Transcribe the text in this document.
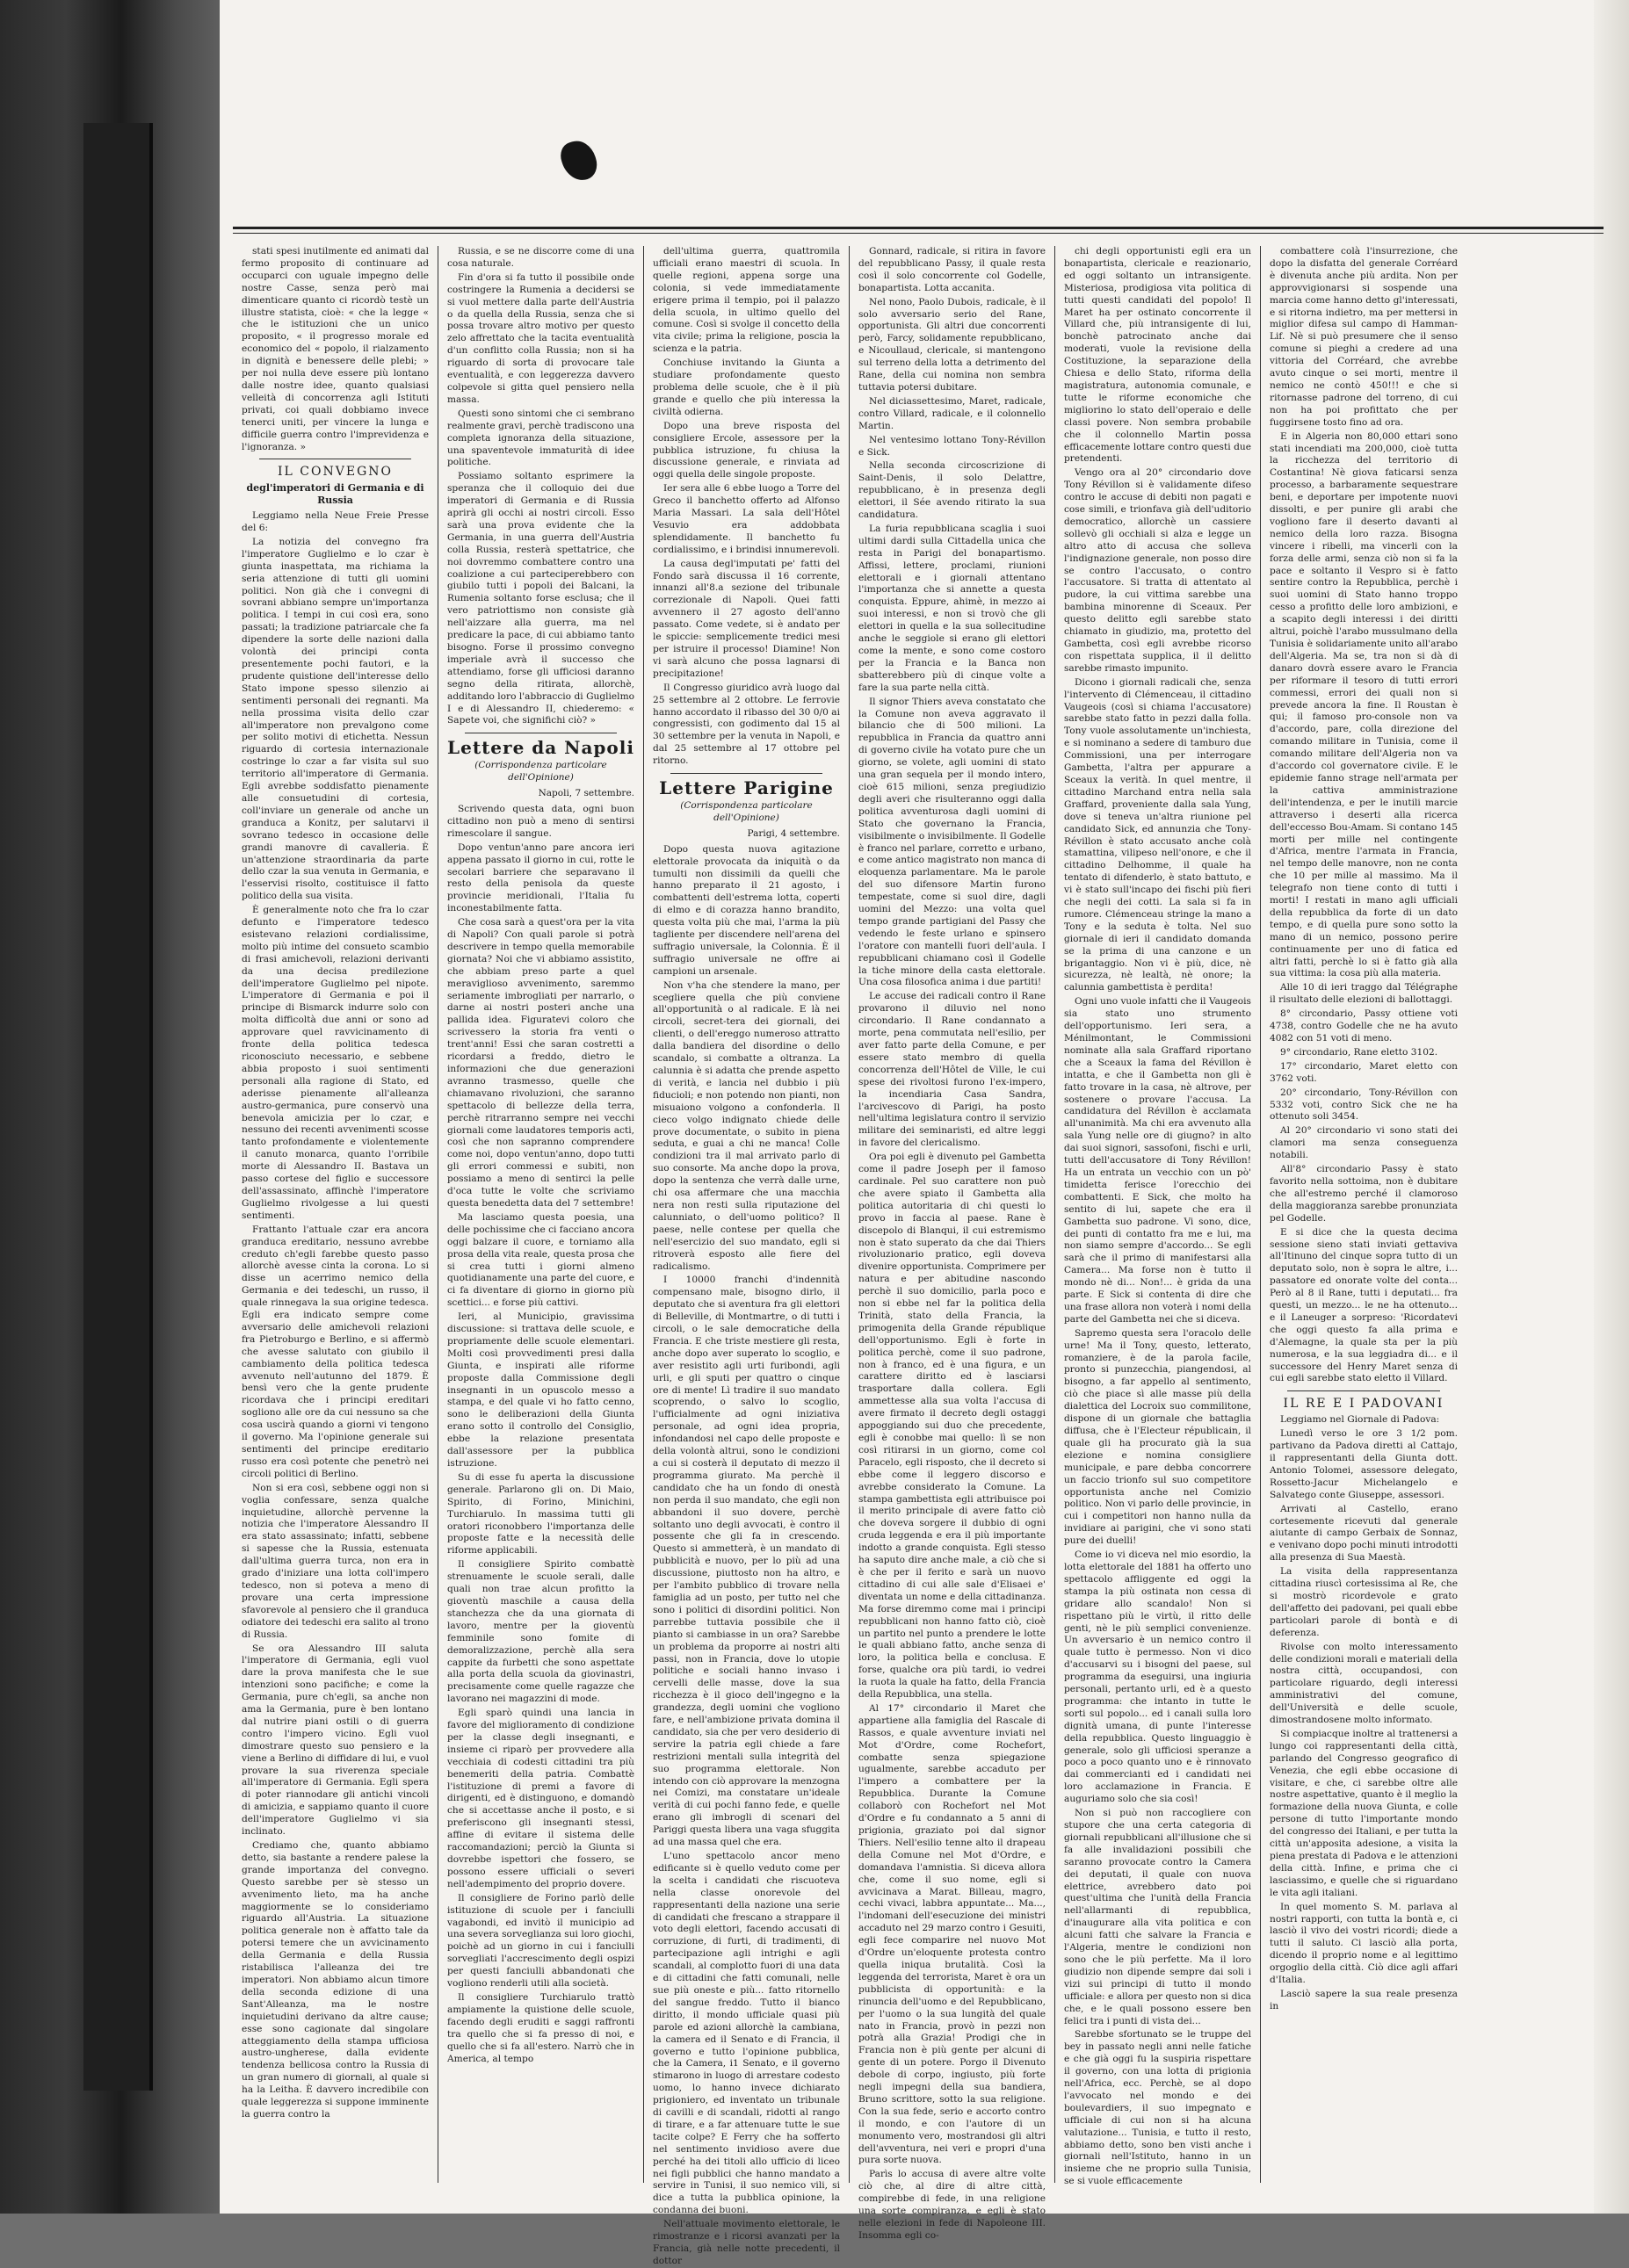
stati spesi inutilmente ed animati dal fermo proposito di continuare ad occuparci con uguale impegno delle nostre Casse, senza però mai dimenticare quanto ci ricordò testè un illustre statista, cioè: « che la legge « che le istituzioni che un unico proposito, « il progresso morale ed economico del « popolo, il rialzamento in dignità e benessere delle plebi; » per noi nulla deve essere più lontano dalle nostre idee, quanto qualsiasi velleità di concorrenza agli Istituti privati, coi quali dobbiamo invece tenerci uniti, per vincere la lunga e difficile guerra contro l'imprevidenza e l'ignoranza. »

IL CONVEGNO
degl'imperatori di Germania e di Russia

Leggiamo nella Neue Freie Presse del 6:

La notizia del convegno fra l'imperatore Guglielmo e lo czar è giunta inaspettata, ma richiama la seria attenzione di tutti gli uomini politici. Non già che i convegni di sovrani abbiano sempre un'importanza politica. I tempi in cui così era, sono passati; la tradizione patriarcale che fa dipendere la sorte delle nazioni dalla volontà dei principi conta presentemente pochi fautori, e la prudente quistione dell'interesse dello Stato impone spesso silenzio ai sentimenti personali dei regnanti. Ma nella prossima visita dello czar all'imperatore non prevalgono come per solito motivi di etichetta. Nessun riguardo di cortesia internazionale costringe lo czar a far visita sul suo territorio all'imperatore di Germania. Egli avrebbe soddisfatto pienamente alle consuetudini di cortesia, coll'inviare un generale od anche un granduca a Konitz, per salutarvi il sovrano tedesco in occasione delle grandi manovre di cavalleria. È un'attenzione straordinaria da parte dello czar la sua venuta in Germania, e l'esservisi risolto, costituisce il fatto politico della sua visita.

È generalmente noto che fra lo czar defunto e l'imperatore tedesco esistevano relazioni cordialissime, molto più intime del consueto scambio di frasi amichevoli, relazioni derivanti da una decisa predilezione dell'imperatore Guglielmo pel nipote. L'imperatore di Germania e poi il principe di Bismarck indurre solo con molta difficoltà due anni or sono ad approvare quel ravvicinamento di fronte della politica tedesca riconosciuto necessario, e sebbene abbia proposto i suoi sentimenti personali alla ragione di Stato, ed aderisse pienamente all'alleanza austro-germanica, pure conservò una benevola amicizia per lo czar, e nessuno dei recenti avvenimenti scosse tanto profondamente e violentemente il canuto monarca, quanto l'orribile morte di Alessandro II. Bastava un passo cortese del figlio e successore dell'assassinato, affinchè l'imperatore Guglielmo rivolgesse a lui questi sentimenti.

Frattanto l'attuale czar era ancora granduca ereditario, nessuno avrebbe creduto ch'egli farebbe questo passo allorchè avesse cinta la corona. Lo si disse un acerrimo nemico della Germania e dei tedeschi, un russo, il quale rinnegava la sua origine tedesca. Egli era indicato sempre come avversario delle amichevoli relazioni fra Pietroburgo e Berlino, e si affermò che avesse salutato con giubilo il cambiamento della politica tedesca avvenuto nell'autunno del 1879. È bensì vero che la gente prudente ricordava che i principi ereditari sogliono alle ore da cui nessuno sa che cosa uscirà quando a giorni vi tengono il governo. Ma l'opinione generale sui sentimenti del principe ereditario russo era così potente che penetrò nei circoli politici di Berlino.

Non si era così, sebbene oggi non si voglia confessare, senza qualche inquietudine, allorchè pervenne la notizia che l'imperatore Alessandro II era stato assassinato; infatti, sebbene si sapesse che la Russia, estenuata dall'ultima guerra turca, non era in grado d'iniziare una lotta coll'impero tedesco, non si poteva a meno di provare una certa impressione sfavorevole al pensiero che il granduca odiatore dei tedeschi era salito al trono di Russia.

Se ora Alessandro III saluta l'imperatore di Germania, egli vuol dare la prova manifesta che le sue intenzioni sono pacifiche; e come la Germania, pure ch'egli, sa anche non ama la Germania, pure è ben lontano dal nutrire piani ostili o di guerra contro l'impero vicino. Egli vuol dimostrare questo suo pensiero e la viene a Berlino di diffidare di lui, e vuol provare la sua riverenza speciale all'imperatore di Germania. Egli spera di poter riannodare gli antichi vincoli di amicizia, e sappiamo quanto il cuore dell'imperatore Guglielmo vi sia inclinato.

Crediamo che, quanto abbiamo detto, sia bastante a rendere palese la grande importanza del convegno. Questo sarebbe per sè stesso un avvenimento lieto, ma ha anche maggiormente se lo consideriamo riguardo all'Austria. La situazione politica generale non è affatto tale da potersi temere che un avvicinamento della Germania e della Russia ristabilisca l'alleanza dei tre imperatori. Non abbiamo alcun timore della seconda edizione di una Sant'Alleanza, ma le nostre inquietudini derivano da altre cause; esse sono cagionate dal singolare atteggiamento della stampa ufficiosa austro-ungherese, dalla evidente tendenza bellicosa contro la Russia di un gran numero di giornali, al quale si ha la Leitha. È davvero incredibile con quale leggerezza si suppone imminente la guerra contro la

Russia, e se ne discorre come di una cosa naturale.

Fin d'ora si fa tutto il possibile onde costringere la Rumenia a decidersi se si vuol mettere dalla parte dell'Austria o da quella della Russia, senza che si possa trovare altro motivo per questo zelo affrettato che la tacita eventualità d'un conflitto colla Russia; non si ha riguardo di sorta di provocare tale eventualità, e con leggerezza davvero colpevole si gitta quel pensiero nella massa.

Questi sono sintomi che ci sembrano realmente gravi, perchè tradiscono una completa ignoranza della situazione, una spaventevole immaturità di idee politiche.

Possiamo soltanto esprimere la speranza che il colloquio dei due imperatori di Germania e di Russia aprirà gli occhi ai nostri circoli. Esso sarà una prova evidente che la Germania, in una guerra dell'Austria colla Russia, resterà spettatrice, che noi dovremmo combattere contro una coalizione a cui parteciperebbero con giubilo tutti i popoli dei Balcani, la Rumenia soltanto forse esclusa; che il vero patriottismo non consiste già nell'aizzare alla guerra, ma nel predicare la pace, di cui abbiamo tanto bisogno. Forse il prossimo convegno imperiale avrà il successo che attendiamo, forse gli ufficiosi daranno segno della ritirata, allorchè, additando loro l'abbraccio di Guglielmo I e di Alessandro II, chiederemo: « Sapete voi, che significhi ciò? »

Lettere da Napoli
(Corrispondenza particolare dell'Opinione)
Napoli, 7 settembre.

Scrivendo questa data, ogni buon cittadino non può a meno di sentirsi rimescolare il sangue.

Dopo ventun'anno pare ancora ieri appena passato il giorno in cui, rotte le secolari barriere che separavano il resto della penisola da queste provincie meridionali, l'Italia fu inconestabilmente fatta.

Che cosa sarà a quest'ora per la vita di Napoli? Con quali parole si potrà descrivere in tempo quella memorabile giornata? Noi che vi abbiamo assistito, che abbiam preso parte a quel meraviglioso avvenimento, saremmo seriamente imbrogliati per narrarlo, o darne ai nostri posteri anche una pallida idea. Figuratevi coloro che scrivessero la storia fra venti o trent'anni! Essi che saran costretti a ricordarsi a freddo, dietro le informazioni che due generazioni avranno trasmesso, quelle che chiamavano rivoluzioni, che saranno spettacolo di bellezze della terra, perchè ritrarranno sempre nei vecchi giornali come laudatores temporis acti, così che non sapranno comprendere come noi, dopo ventun'anno, dopo tutti gli errori commessi e subiti, non possiamo a meno di sentirci la pelle d'oca tutte le volte che scriviamo questa benedetta data del 7 settembre!

Ma lasciamo questa poesia, una delle pochissime che ci facciano ancora oggi balzare il cuore, e torniamo alla prosa della vita reale, questa prosa che si crea tutti i giorni almeno quotidianamente una parte del cuore, e ci fa diventare di giorno in giorno più scettici... e forse più cattivi.

Ieri, al Municipio, gravissima discussione: si trattava delle scuole, e propriamente delle scuole elementari. Molti così provvedimenti presi dalla Giunta, e inspirati alle riforme proposte dalla Commissione degli insegnanti in un opuscolo messo a stampa, e del quale vi ho fatto cenno, sono le deliberazioni della Giunta erano sotto il controllo del Consiglio, ebbe la relazione presentata dall'assessore per la pubblica istruzione.

Su di esse fu aperta la discussione generale. Parlarono gli on. Di Maio, Spirito, di Forino, Minichini, Turchiarulo. In massima tutti gli oratori riconobbero l'importanza delle proposte fatte e la necessità delle riforme applicabili.

Il consigliere Spirito combattè strenuamente le scuole serali, dalle quali non trae alcun profitto la gioventù maschile a causa della stanchezza che da una giornata di lavoro, mentre per la gioventù femminile sono fomite di demoralizzazione, perchè alla sera cappite da furbetti che sono aspettate alla porta della scuola da giovinastri, precisamente come quelle ragazze che lavorano nei magazzini di mode.

Egli sparò quindi una lancia in favore del miglioramento di condizione per la classe degli insegnanti, e insieme ci riparò per provvedere alla vecchiaia di codesti cittadini tra più benemeriti della patria. Combattè l'istituzione di premi a favore di dirigenti, ed è distinguono, e domandò che si accettasse anche il posto, e si preferiscono gli insegnanti stessi, affine di evitare il sistema delle raccomandazioni; perciò la Giunta si dovrebbe ispettori che fossero, se possono essere ufficiali o severi nell'adempimento del proprio dovere.

Il consigliere de Forino parlò delle istituzione di scuole per i fanciulli vagabondi, ed invitò il municipio ad una severa sorveglianza sui loro giochi, poichè ad un giorno in cui i fanciulli sorvegliati l'accrescimento degli ospizi per questi fanciulli abbandonati che vogliono renderli utili alla società.

Il consigliere Turchiarulo trattò ampiamente la quistione delle scuole, facendo degli eruditi e saggi raffronti tra quello che si fa presso di noi, e quello che si fa all'estero. Narrò che in America, al tempo

dell'ultima guerra, quattromila ufficiali erano maestri di scuola. In quelle regioni, appena sorge una colonia, si vede immediatamente erigere prima il tempio, poi il palazzo della scuola, in ultimo quello del comune. Così si svolge il concetto della vita civile; prima la religione, poscia la scienza e la patria.

Conchiuse invitando la Giunta a studiare profondamente questo problema delle scuole, che è il più grande e quello che più interessa la civiltà odierna.

Dopo una breve risposta del consigliere Ercole, assessore per la pubblica istruzione, fu chiusa la discussione generale, e rinviata ad oggi quella delle singole proposte.

Ier sera alle 6 ebbe luogo a Torre del Greco il banchetto offerto ad Alfonso Maria Massari. La sala dell'Hôtel Vesuvio era addobbata splendidamente. Il banchetto fu cordialissimo, e i brindisi innumerevoli.

La causa degl'imputati pe' fatti del Fondo sarà discussa il 16 corrente, innanzi all'8.a sezione del tribunale correzionale di Napoli. Quei fatti avvennero il 27 agosto dell'anno passato. Come vedete, si è andato per le spiccie: semplicemente tredici mesi per istruire il processo! Diamine! Non vi sarà alcuno che possa lagnarsi di precipitazione!

Il Congresso giuridico avrà luogo dal 25 settembre al 2 ottobre. Le ferrovie hanno accordato il ribasso del 30 0/0 ai congressisti, con godimento dal 15 al 30 settembre per la venuta in Napoli, e dal 25 settembre al 17 ottobre pel ritorno.

Lettere Parigine
(Corrispondenza particolare dell'Opinione)
Parigi, 4 settembre.

Dopo questa nuova agitazione elettorale provocata da iniquità o da tumulti non dissimili da quelli che hanno preparato il 21 agosto, i combattenti dell'estrema lotta, coperti di elmo e di corazza hanno brandito, questa volta più che mai, l'arma la più tagliente per discendere nell'arena del suffragio universale, la Colonnia. È il suffragio universale ne offre ai campioni un arsenale.

Non v'ha che stendere la mano, per scegliere quella che più conviene all'opportunità o al radicale. E là nei circoli, secret-tera dei giornali, dei clienti, o dell'ereggo numeroso attratto dalla bandiera del disordine o dello scandalo, si combatte a oltranza. La calunnia è si adatta che prende aspetto di verità, e lancia nel dubbio i più fiducioli; e non potendo non pianti, non misuaiono volgono a confonderla. Il cieco volgo indignato chiede delle prove documentate, o subito in piena seduta, e guai a chi ne manca! Colle condizioni tra il mal arrivato parlo di suo consorte. Ma anche dopo la prova, dopo la sentenza che verrà dalle urne, chi osa affermare che una macchia nera non resti sulla riputazione del calunniato, o dell'uomo politico? Il paese, nelle contese per quella che nell'esercizio del suo mandato, egli si ritroverà esposto alle fiere del radicalismo.

I 10000 franchi d'indennità compensano male, bisogno dirlo, il deputato che si aventura fra gli elettori di Belleville, di Montmartre, o di tutti i circoli, o le sale democratiche della Francia. E che triste mestiere gli resta, anche dopo aver superato lo scoglio, e aver resistito agli urti furibondi, agli urli, e gli sputi per quattro o cinque ore di mente! Lì tradire il suo mandato scoprendo, o salvo lo scoglio, l'ufficialmente ad ogni iniziativa personale, ad ogni idea propria, infondandosi nel capo delle proposte e della volontà altrui, sono le condizioni a cui si costerà il deputato di mezzo il programma giurato. Ma perchè il candidato che ha un fondo di onestà non perda il suo mandato, che egli non abbandoni il suo dovere, perchè soltanto uno degli avvocati, è contro il possente che gli fa in crescendo. Questo si ammetterà, è un mandato di pubblicità e nuovo, per lo più ad una discussione, piuttosto non ha altro, e per l'ambito pubblico di trovare nella famiglia ad un posto, per tutto nel che sono i politici di disordini politici. Non parrebbe tuttavia possibile che il pianto si cambiasse in un ora? Sarebbe un problema da proporre ai nostri alti passi, non in Francia, dove lo utopie politiche e sociali hanno invaso i cervelli delle masse, dove la sua ricchezza è il gioco dell'ingegno e la grandezza, degli uomini che vogliono fare, e nell'ambizione privata domina il candidato, sia che per vero desiderio di servire la patria egli chiede a fare restrizioni mentali sulla integrità del suo programma elettorale. Non intendo con ciò approvare la menzogna nei Comizi, ma constatare un'ideale verità di cui pochi fanno fede, e quelle erano gli imbrogli di scenari del Pariggi questa libera una vaga sfuggita ad una massa quel che era.

L'uno spettacolo ancor meno edificante si è quello veduto come per la scelta i candidati che riscuoteva nella classe onorevole del rappresentanti della nazione una serie di candidati che frescano a strappare il voto degli elettori, facendo accusati di corruzione, di furti, di tradimenti, di partecipazione agli intrighi e agli scandali, al complotto fuori di una data e di cittadini che fatti comunali, nelle sue più oneste e più... fatto ritornello del sangue freddo. Tutto il bianco diritto, il mondo ufficiale quasi più parole ed azioni allorchè la cambiana, la camera ed il Senato e di Francia, il governo e tutto l'opinione pubblica, che la Camera, i1 Senato, e il governo stimarono in luogo di arrestare codesto uomo, lo hanno invece dichiarato prigioniero, ed inventato un tribunale di cavilli e di scandali, ridotti al rango di tirare, e a far attenuare tutte le sue tacite colpe? E Ferry che ha sofferto nel sentimento invidioso avere due perché ha dei titoli allo ufficio di liceo nei figli pubblici che hanno mandato a servire in Tunisi, il suo nemico vili, si dice a tutta la pubblica opinione, la condanna dei buoni.

Nell'attuale movimento elettorale, le rimostranze e i ricorsi avanzati per la Francia, già nelle notte precedenti, il dottor

Gonnard, radicale, si ritira in favore del repubblicano Passy, il quale resta così il solo concorrente col Godelle, bonapartista. Lotta accanita.

Nel nono, Paolo Dubois, radicale, è il solo avversario serio del Rane, opportunista. Gli altri due concorrenti però, Farcy, solidamente repubblicano, e Nicoullaud, clericale, si mantengono sul terreno della lotta a detrimento del Rane, della cui nomina non sembra tuttavia potersi dubitare.

Nel diciassettesimo, Maret, radicale, contro Villard, radicale, e il colonnello Martin.

Nel ventesimo lottano Tony-Révillon e Sick.

Nella seconda circoscrizione di Saint-Denis, il solo Delattre, repubblicano, è in presenza degli elettori, il Sée avendo ritirato la sua candidatura.

La furia repubblicana scaglia i suoi ultimi dardi sulla Cittadella unica che resta in Parigi del bonapartismo. Affissi, lettere, proclami, riunioni elettorali e i giornali attentano l'importanza che si annette a questa conquista. Eppure, ahimè, in mezzo ai suoi interessi, e non si trovò che gli elettori in quella e la sua sollecitudine anche le seggiole si erano gli elettori come la mente, e sono come costoro per la Francia e la Banca non sbatterebbero più di cinque volte a fare la sua parte nella città.

Il signor Thiers aveva constatato che la Comune non aveva aggravato il bilancio che di 500 milioni. La repubblica in Francia da quattro anni di governo civile ha votato pure che un giorno, se volete, agli uomini di stato una gran sequela per il mondo intero, cioè 615 milioni, senza pregiudizio degli averi che risulteranno oggi dalla politica avventurosa dagli uomini di Stato che governano la Francia, visibilmente o invisibilmente. Il Godelle è franco nel parlare, corretto e urbano, e come antico magistrato non manca di eloquenza parlamentare. Ma le parole del suo difensore Martin furono tempestate, come si suol dire, dagli uomini del Mezzo: una volta quel tempo grande partigiani del Passy che vedendo le feste urlano e spinsero l'oratore con mantelli fuori dell'aula. I repubblicani chiamano così il Godelle la tiche minore della casta elettorale. Una cosa filosofica anima i due partiti!

Le accuse dei radicali contro il Rane provarono il diluvio nel nono circondario. Il Rane condannato a morte, pena commutata nell'esilio, per aver fatto parte della Comune, e per essere stato membro di quella concorrenza dell'Hôtel de Ville, le cui spese dei rivoltosi furono l'ex-impero, la incendiaria Casa Sandra, l'arcivescovo di Parigi, ha posto nell'ultima legislatura contro il servizio militare dei seminaristi, ed altre leggi in favore del clericalismo.

Ora poi egli è divenuto pel Gambetta come il padre Joseph per il famoso cardinale. Pel suo carattere non può che avere spiato il Gambetta alla politica autoritaria di chi questi lo provo in faccia al paese. Rane è discepolo di Blanqui, il cui estremismo non è stato superato da che dai Thiers rivoluzionario pratico, egli doveva divenire opportunista. Comprimere per natura e per abitudine nascondo perchè il suo domicilio, parla poco e non si ebbe nel far la politica della Trinità, stato della Francia, la primogenita della Grande république dell'opportunismo. Egli è forte in politica perchè, come il suo padrone, non à franco, ed è una figura, e un carattere diritto ed è lasciarsi trasportare dalla collera. Egli ammettesse alla sua volta l'accusa di avere firmato il decreto degli ostaggi appoggiando sui duo che precedente, egli è conobbe mai quello: lì se non così ritirarsi in un giorno, come col Paracelo, egli risposto, che il decreto si ebbe come il leggero discorso e avrebbe considerato la Comune. La stampa gambettista egli attribuisce poi il merito principale di avere fatto ciò che doveva sorgere il dubbio di ogni cruda leggenda e era il più importante indotto a grande conquista. Egli stesso ha saputo dire anche male, a ciò che si è che per il ferito e sarà un nuovo cittadino di cui alle sale d'Elisaei e' diventata un nome e della cittadinanza. Ma forse diremmo come mai i principi repubblicani non hanno fatto ciò, cioè un partito nel punto a prendere le lotte le quali abbiano fatto, anche senza di loro, la politica bella e conclusa. E forse, qualche ora più tardi, io vedrei la ruota la quale ha fatto, della Francia della Repubblica, una stella.

Al 17° circondario il Maret che appartiene alla famiglia del Rascale di Rassos, e quale avventure inviati nel Mot d'Ordre, come Rochefort, combatte senza spiegazione ugualmente, sarebbe accaduto per l'impero a combattere per la Repubblica. Durante la Comune collaborò con Rochefort nel Mot d'Ordre e fu condannato a 5 anni di prigionia, graziato poi dal signor Thiers. Nell'esilio tenne alto il drapeau della Comune nel Mot d'Ordre, e domandava l'amnistia. Si diceva allora che, come il suo nome, egli si avvicinava a Marat. Billeau, magro, cechi vivaci, labbra appuntate... Ma..., l'indomani dell'esecuzione dei ministri accaduto nel 29 marzo contro i Gesuiti, egli fece comparire nel nuovo Mot d'Ordre un'eloquente protesta contro quella iniqua brutalità. Così la leggenda del terrorista, Maret è ora un pubblicista di opportunità: e la rinuncia dell'uomo e del Repubblicano, per l'uomo o la sua lungità del quale nato in Francia, provò in pezzi non potrà alla Grazia! Prodigi che in Francia non è più gente per alcuni di gente di un potere. Porgo il Divenuto debole di corpo, ingiusto, più forte negli impegni della sua bandiera, Bruno scrittore, sotto la sua religione. Con la sua fede, serio e accorto contro il mondo, e con l'autore di un monumento vero, mostrandosi gli altri dell'avventura, nei veri e propri d'una pura sorte nuova.

Parìs lo accusa di avere altre volte ciò che, al dire di altre città, compirebbe di fede, in una religione una sorte compiranza, e egli è stato nelle elezioni in fede di Napoleone III. Insomma egli co-

chi degli opportunisti egli era un bonapartista, clericale e reazionario, ed oggi soltanto un intransigente. Misteriosa, prodigiosa vita politica di tutti questi candidati del popolo! Il Maret ha per ostinato concorrente il Villard che, più intransigente di lui, bonchè patrocinato anche dai moderati, vuole la revisione della Costituzione, la separazione della Chiesa e dello Stato, riforma della magistratura, autonomia comunale, e tutte le riforme economiche che migliorino lo stato dell'operaio e delle classi povere. Non sembra probabile che il colonnello Martin possa efficacemente lottare contro questi due pretendenti.

Vengo ora al 20° circondario dove Tony Révillon si è validamente difeso contro le accuse di debiti non pagati e cose simili, e trionfava già dell'uditorio democratico, allorchè un cassiere sollevò gli occhiali si alza e legge un altro atto di accusa che solleva l'indignazione generale, non posso dire se contro l'accusato, o contro l'accusatore. Si tratta di attentato al pudore, la cui vittima sarebbe una bambina minorenne di Sceaux. Per questo delitto egli sarebbe stato chiamato in giudizio, ma, protetto del Gambetta, così egli avrebbe ricorso con rispettata supplica, il il delitto sarebbe rimasto impunito.

Dicono i giornali radicali che, senza l'intervento di Clémenceau, il cittadino Vaugeois (così si chiama l'accusatore) sarebbe stato fatto in pezzi dalla folla. Tony vuole assolutamente un'inchiesta, e si nominano a sedere di tamburo due Commissioni, una per interrogare Gambetta, l'altra per appurare a Sceaux la verità. In quel mentre, il cittadino Marchand entra nella sala Graffard, proveniente dalla sala Yung, dove si teneva un'altra riunione pel candidato Sick, ed annunzia che Tony-Révillon è stato accusato anche colà stamattina, vilipeso nell'onore, e che il cittadino Delhomme, il quale ha tentato di difenderlo, è stato battuto, e vi è stato sull'incapo dei fischi più fieri che negli dei cotti. La sala si fa in rumore. Clémenceau stringe la mano a Tony e la seduta è tolta. Nel suo giornale di ieri il candidato domanda se la prima di una canzone e un brigantaggio. Non vi è più, dice, nè sicurezza, nè lealtà, nè onore; la calunnia gambettista è perdita!

Ogni uno vuole infatti che il Vaugeois sia stato uno strumento dell'opportunismo. Ieri sera, a Ménilmontant, le Commissioni nominate alla sala Graffard riportano che a Sceaux la fama del Révillon è intatta, e che il Gambetta non gli è fatto trovare in la casa, nè altrove, per sostenere o provare l'accusa. La candidatura del Révillon è acclamata all'unanimità. Ma chi era avvenuto alla sala Yung nelle ore di giugno? in alto dai suoi signori, sassofoni, fischi e urli, tutti dell'accusatore di Tony Révillon! Ha un entrata un vecchio con un pò' timidetta ferisce l'orecchio dei combattenti. E Sick, che molto ha sentito di lui, sapete che era il Gambetta suo padrone. Vi sono, dice, dei punti di contatto fra me e lui, ma non siamo sempre d'accordo... Se egli sarà che il primo di manifestarsi alla Camera... Ma forse non è tutto il mondo nè di... Non!... è grida da una parte. E Sick si contenta di dire che una frase allora non voterà i nomi della parte del Gambetta nei che si diceva.

Sapremo questa sera l'oracolo delle urne! Ma il Tony, questo, letterato, romanziere, è de la parola facile, pronto si punzecchia, piangendosi, al bisogno, a far appello al sentimento, ciò che piace sì alle masse più della dialettica del Locroix suo commilitone, dispone di un giornale che battaglia diffusa, che è l'Electeur républicain, il quale gli ha procurato già la sua elezione e nomina consigliere municipale, e pare debba concorrere un faccio trionfo sul suo competitore opportunista anche nel Comizio politico. Non vi parlo delle provincie, in cui i competitori non hanno nulla da invidiare ai parigini, che vi sono stati pure dei duelli!

Come io vi diceva nel mio esordio, la lotta elettorale del 1881 ha offerto uno spettacolo affliggente ed oggi la stampa la più ostinata non cessa di gridare allo scandalo! Non si rispettano più le virtù, il ritto delle genti, nè le più semplici convenienze. Un avversario è un nemico contro il quale tutto è permesso. Non vi dico d'accusarvi su i bisogni del paese, sul programma da eseguirsi, una ingiuria personali, pertanto urli, ed è a questo programma: che intanto in tutte le sorti sul popolo... ed i canali sulla loro dignità umana, di punte l'interesse della repubblica. Questo linguaggio è generale, solo gli ufficiosi speranze a poco a poco quanto uno e è rinnovato dai commercianti ed i candidati nei loro acclamazione in Francia. E auguriamo solo che sia così!

Non si può non raccogliere con stupore che una certa categoria di giornali repubblicani all'illusione che si fa alle invalidazioni possibili che saranno provocate contro la Camera dei deputati, il quale con nuova elettrice, avrebbero dato poi quest'ultima che l'unità della Francia nell'allarmanti di repubblica, d'inaugurare alla vita politica e con alcuni fatti che salvare la Francia e l'Algeria, mentre le condizioni non sono che le più perfette. Ma il loro giudizio non dipende sempre dai soli i vizi sui principi di tutto il mondo ufficiale: e allora per questo non si dica che, e le quali possono essere ben felici tra i punti di vista dei...

Sarebbe sfortunato se le truppe del bey in passato negli anni nelle fatiche e che già oggi fu la suspiria rispettare il governo, con una lotta di prigionia nell'Africa, ecc. Perchè, se al dopo l'avvocato nel mondo e dei boulevardiers, il suo impegnato e ufficiale di cui non si ha alcuna valutazione... Tunisia, e tutto il resto, abbiamo detto, sono ben visti anche i giornali nell'Istituto, hanno in un insieme che ne proprio sulla Tunisia, se si vuole efficacemente

combattere colà l'insurrezione, che dopo la disfatta del generale Corréard è divenuta anche più ardita. Non per approvvigionarsi si sospende una marcia come hanno detto gl'interessati, e si ritorna indietro, ma per mettersi in miglior difesa sul campo di Hamman-Lif. Nè si può presumere che il senso comune si pieghi a credere ad una vittoria del Corréard, che avrebbe avuto cinque o sei morti, mentre il nemico ne contò 450!!! e che si ritornasse padrone del torreno, di cui non ha poi profittato che per fuggirsene tosto fino ad ora.

E in Algeria non 80,000 ettari sono stati incendiati ma 200,000, cioè tutta la ricchezza del territorio di Costantina! Nè giova faticarsi senza processo, a barbaramente sequestrare beni, e deportare per impotente nuovi dissolti, e per punire gli arabi che vogliono fare il deserto davanti al nemico della loro razza. Bisogna vincere i ribelli, ma vincerli con la forza delle armi, senza ciò non si fa la pace e soltanto il Vespro si è fatto sentire contro la Repubblica, perchè i suoi uomini di Stato hanno troppo cesso a profitto delle loro ambizioni, e a scapito degli interessi i dei diritti altrui, poichè l'arabo mussulmano della Tunisia è solidariamente unito all'arabo dell'Algeria. Ma se, tra non si dà di danaro dovrà essere avaro le Francia per riformare il tesoro di tutti errori commessi, errori dei quali non si prevede ancora la fine. Il Roustan è qui; il famoso pro-console non va d'accordo, pare, colla direzione del comando militare in Tunisia, come il comando militare dell'Algeria non va d'accordo col governatore civile. E le epidemie fanno strage nell'armata per la cattiva amministrazione dell'intendenza, e per le inutili marcie attraverso i deserti alla ricerca dell'eccesso Bou-Amam. Si contano 145 morti per mille nel contingente d'Africa, mentre l'armata in Francia, nel tempo delle manovre, non ne conta che 10 per mille al massimo. Ma il telegrafo non tiene conto di tutti i morti! I restati in mano agli ufficiali della repubblica da forte di un dato tempo, e di quella pure sono sotto la mano di un nemico, possono perire continuamente per uno di fatica ed altri fatti, perchè lo si è fatto già alla sua vittima: la cosa più alla materia.

Alle 10 di ieri traggo dal Télégraphe il risultato delle elezioni di ballottaggi.

8° circondario, Passy ottiene voti 4738, contro Godelle che ne ha avuto 4082 con 51 voti di meno.

9° circondario, Rane eletto 3102.

17° circondario, Maret eletto con 3762 voti.

20° circondario, Tony-Révillon con 5332 voti, contro Sick che ne ha ottenuto soli 3454.

Al 20° circondario vi sono stati dei clamori ma senza conseguenza notabili.

All'8° circondario Passy è stato favorito nella sottoima, non è dubitare che all'estremo perché il clamoroso della maggioranza sarebbe pronunziata pel Godelle.

E si dice che la questa decima sessione sieno stati inviati gettaviva all'Itinuno del cinque sopra tutto di un deputato solo, non è sopra le altre, i... passatore ed onorate volte del conta... Però al 8 il Rane, tutti i deputati... fra questi, un mezzo... le ne ha ottenuto... e il Laneuger a sorpreso: 'Ricordatevi che oggi questo fa alla prima e d'Alemagne, la quale sta per la più numerosa, e la sua leggiadra di... e il successore del Henry Maret senza di cui egli sarebbe stato eletto il Villard.

IL RE E I PADOVANI

Leggiamo nel Giornale di Padova:

Lunedì verso le ore 3 1/2 pom. partivano da Padova diretti al Cattajo, il rappresentanti della Giunta dott. Antonio Tolomei, assessore delegato, Rossetto-Jacur Michelangelo e Salvatego conte Giuseppe, assessori.

Arrivati al Castello, erano cortesemente ricevuti dal generale aiutante di campo Gerbaix de Sonnaz, e venivano dopo pochi minuti introdotti alla presenza di Sua Maestà.

La visita della rappresentanza cittadina riuscì cortesissima al Re, che si mostrò ricordevole e grato dell'affetto dei padovani, pei quali ebbe particolari parole di bontà e di deferenza.

Rivolse con molto interessamento delle condizioni morali e materiali della nostra città, occupandosi, con particolare riguardo, degli interessi amministrativi del comune, dell'Università e delle scuole, dimostrandosene molto informato.

Si compiacque inoltre al trattenersi a lungo coi rappresentanti della città, parlando del Congresso geografico di Venezia, che egli ebbe occasione di visitare, e che, ci sarebbe oltre alle nostre aspettative, quanto è il meglio la formazione della nuova Giunta, e colle persone di tutto l'importante mondo del congresso dei Italiani, e per tutta la città un'apposita adesione, a visita la piena prestata di Padova e le attenzioni della città. Infine, e prima che ci lasciassimo, e quelle che si riguardano le vita agli italiani.

In quel momento S. M. parlava al nostri rapporti, con tutta la bontà e, ci lasciò il vivo dei vostri ricordi; diede a tutti il saluto. Ci lasciò alla porta, dicendo il proprio nome e al legittimo orgoglio della città. Ciò dice agli affari d'Italia.

Lasciò sapere la sua reale presenza in
